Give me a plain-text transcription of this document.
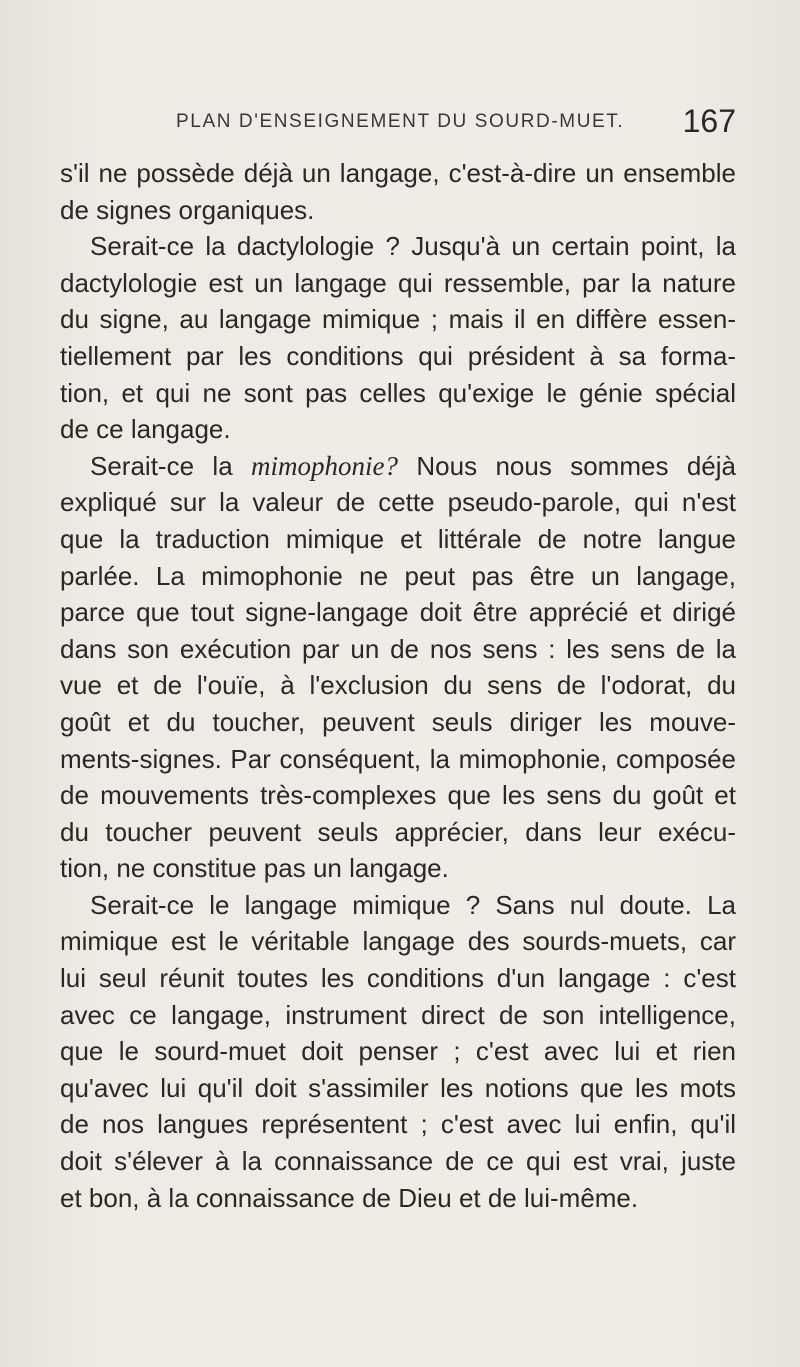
PLAN D'ENSEIGNEMENT DU SOURD-MUET. 167
s'il ne possède déjà un langage, c'est-à-dire un ensemble
de signes organiques.
Serait-ce la dactylologie ? Jusqu'à un certain point, la
dactylologie est un langage qui ressemble, par la nature
du signe, au langage mimique ; mais il en diffère essen-
tiellement par les conditions qui président à sa forma-
tion, et qui ne sont pas celles qu'exige le génie spécial
de ce langage.
Serait-ce la mimophonie? Nous nous sommes déjà
expliqué sur la valeur de cette pseudo-parole, qui n'est
que la traduction mimique et littérale de notre langue
parlée. La mimophonie ne peut pas être un langage,
parce que tout signe-langage doit être apprécié et dirigé
dans son exécution par un de nos sens : les sens de la
vue et de l'ouïe, à l'exclusion du sens de l'odorat, du
goût et du toucher, peuvent seuls diriger les mouve-
ments-signes. Par conséquent, la mimophonie, composée
de mouvements très-complexes que les sens du goût et
du toucher peuvent seuls apprécier, dans leur exécu-
tion, ne constitue pas un langage.
Serait-ce le langage mimique ? Sans nul doute. La
mimique est le véritable langage des sourds-muets, car
lui seul réunit toutes les conditions d'un langage : c'est
avec ce langage, instrument direct de son intelligence,
que le sourd-muet doit penser ; c'est avec lui et rien
qu'avec lui qu'il doit s'assimiler les notions que les mots
de nos langues représentent ; c'est avec lui enfin, qu'il
doit s'élever à la connaissance de ce qui est vrai, juste
et bon, à la connaissance de Dieu et de lui-même.
